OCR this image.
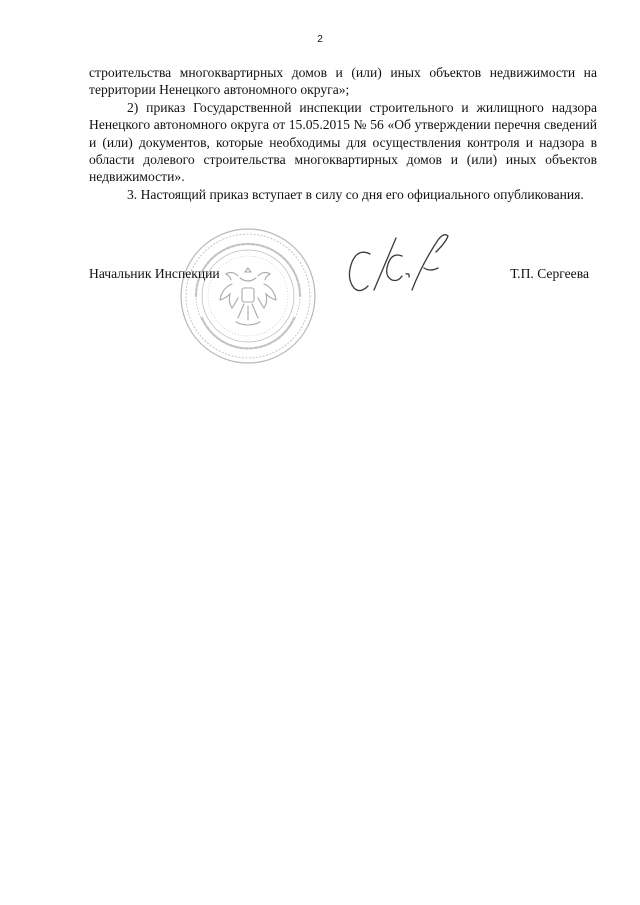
2

строительства многоквартирных домов и (или) иных объектов недвижимости на территории Ненецкого автономного округа»;

2) приказ Государственной инспекции строительного и жилищного надзора Ненецкого автономного округа от 15.05.2015 № 56 «Об утверждении перечня сведений и (или) документов, которые необходимы для осуществления контроля и надзора в области долевого строительства многоквартирных домов и (или) иных объектов недвижимости».

3. Настоящий приказ вступает в силу со дня его официального опубликования.

Начальник Инспекции	Т.П. Сергеева
